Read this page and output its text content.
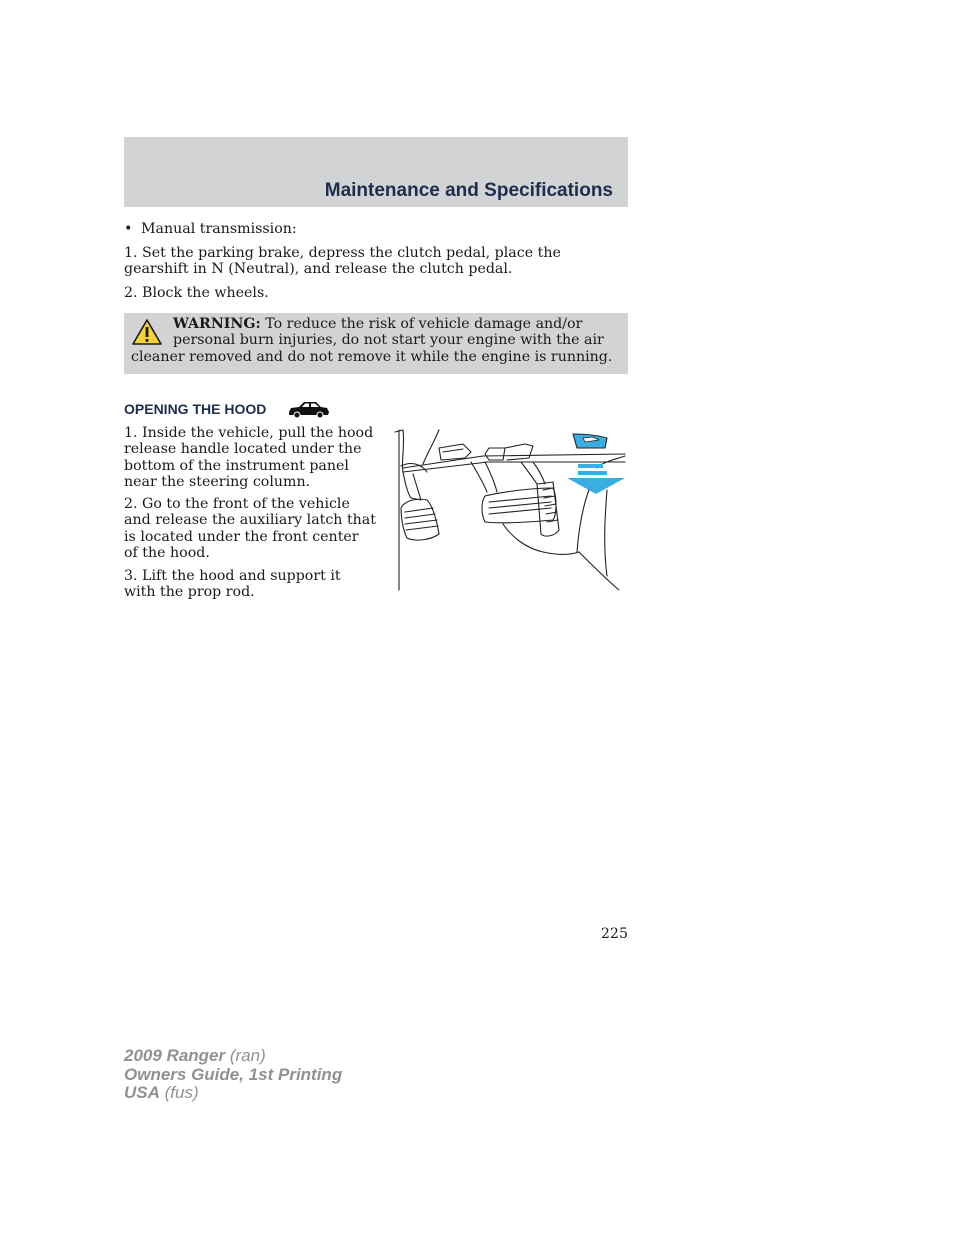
Maintenance and Specifications
• Manual transmission:
1. Set the parking brake, depress the clutch pedal, place the gearshift in N (Neutral), and release the clutch pedal.
2. Block the wheels.
WARNING: To reduce the risk of vehicle damage and/or personal burn injuries, do not start your engine with the air cleaner removed and do not remove it while the engine is running.
OPENING THE HOOD
1. Inside the vehicle, pull the hood release handle located under the bottom of the instrument panel near the steering column.
2. Go to the front of the vehicle and release the auxiliary latch that is located under the front center of the hood.
3. Lift the hood and support it with the prop rod.
225
2009 Ranger (ran)
Owners Guide, 1st Printing
USA (fus)
